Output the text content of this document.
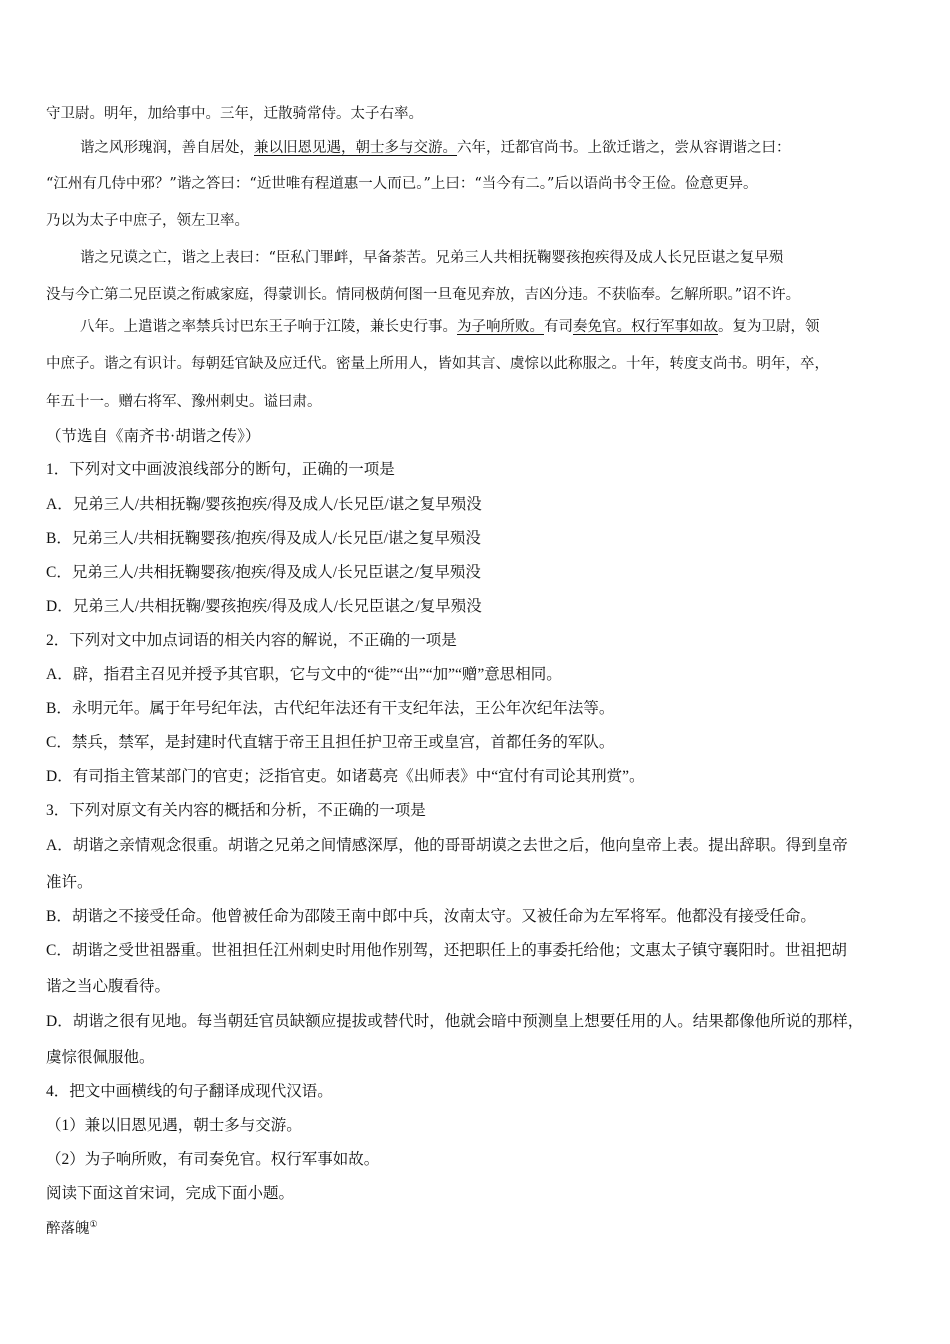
守卫尉。明年，加给事中。三年，迁散骑常侍。太子右率。
谐之风形瑰润，善自居处，兼以旧恩见遇，朝士多与交游。六年，迁都官尚书。上欲迁谐之，尝从容谓谐之曰：
“江州有几侍中邪？”谐之答曰：“近世唯有程道惠一人而已。”上曰：“当今有二。”后以语尚书令王俭。俭意更异。
乃以为太子中庶子，领左卫率。
谐之兄谟之亡，谐之上表曰：“臣私门罪衅，早备荼苦。兄弟三人共相抚鞠婴孩抱疾得及成人长兄臣谌之复早殒
没与今亡第二兄臣谟之衔戚家庭，得蒙训长。情同极荫何图一旦奄见弃放，吉凶分违。不获临奉。乞解所职。”诏不许。
八年。上遣谐之率禁兵讨巴东王子响于江陵，兼长史行事。为子响所败。有司奏免官。权行军事如故。复为卫尉，领
中庶子。谐之有识计。每朝廷官缺及应迁代。密量上所用人，皆如其言、虞悰以此称服之。十年，转度支尚书。明年，卒，
年五十一。赠右将军、豫州刺史。谥曰肃。
（节选自《南齐书·胡谐之传》）
1．下列对文中画波浪线部分的断句，正确的一项是
A．兄弟三人/共相抚鞠/婴孩抱疾/得及成人/长兄臣/谌之复早殒没
B．兄弟三人/共相抚鞠婴孩/抱疾/得及成人/长兄臣/谌之复早殒没
C．兄弟三人/共相抚鞠婴孩/抱疾/得及成人/长兄臣谌之/复早殒没
D．兄弟三人/共相抚鞠/婴孩抱疾/得及成人/长兄臣谌之/复早殒没
2．下列对文中加点词语的相关内容的解说，不正确的一项是
A．辟，指君主召见并授予其官职，它与文中的“徙”“出”“加”“赠”意思相同。
B．永明元年。属于年号纪年法，古代纪年法还有干支纪年法，王公年次纪年法等。
C．禁兵，禁军，是封建时代直辖于帝王且担任护卫帝王或皇宫，首都任务的军队。
D．有司指主管某部门的官吏；泛指官吏。如诸葛亮《出师表》中“宜付有司论其刑赏”。
3．下列对原文有关内容的概括和分析，不正确的一项是
A．胡谐之亲情观念很重。胡谐之兄弟之间情感深厚，他的哥哥胡谟之去世之后，他向皇帝上表。提出辞职。得到皇帝
准许。
B．胡谐之不接受任命。他曾被任命为邵陵王南中郎中兵，汝南太守。又被任命为左军将军。他都没有接受任命。
C．胡谐之受世祖器重。世祖担任江州刺史时用他作别驾，还把职任上的事委托给他；文惠太子镇守襄阳时。世祖把胡
谐之当心腹看待。
D．胡谐之很有见地。每当朝廷官员缺额应提拔或替代时，他就会暗中预测皇上想要任用的人。结果都像他所说的那样，
虞悰很佩服他。
4．把文中画横线的句子翻译成现代汉语。
（1）兼以旧恩见遇，朝士多与交游。
（2）为子响所败，有司奏免官。权行军事如故。
阅读下面这首宋词，完成下面小题。
醉落魄①
